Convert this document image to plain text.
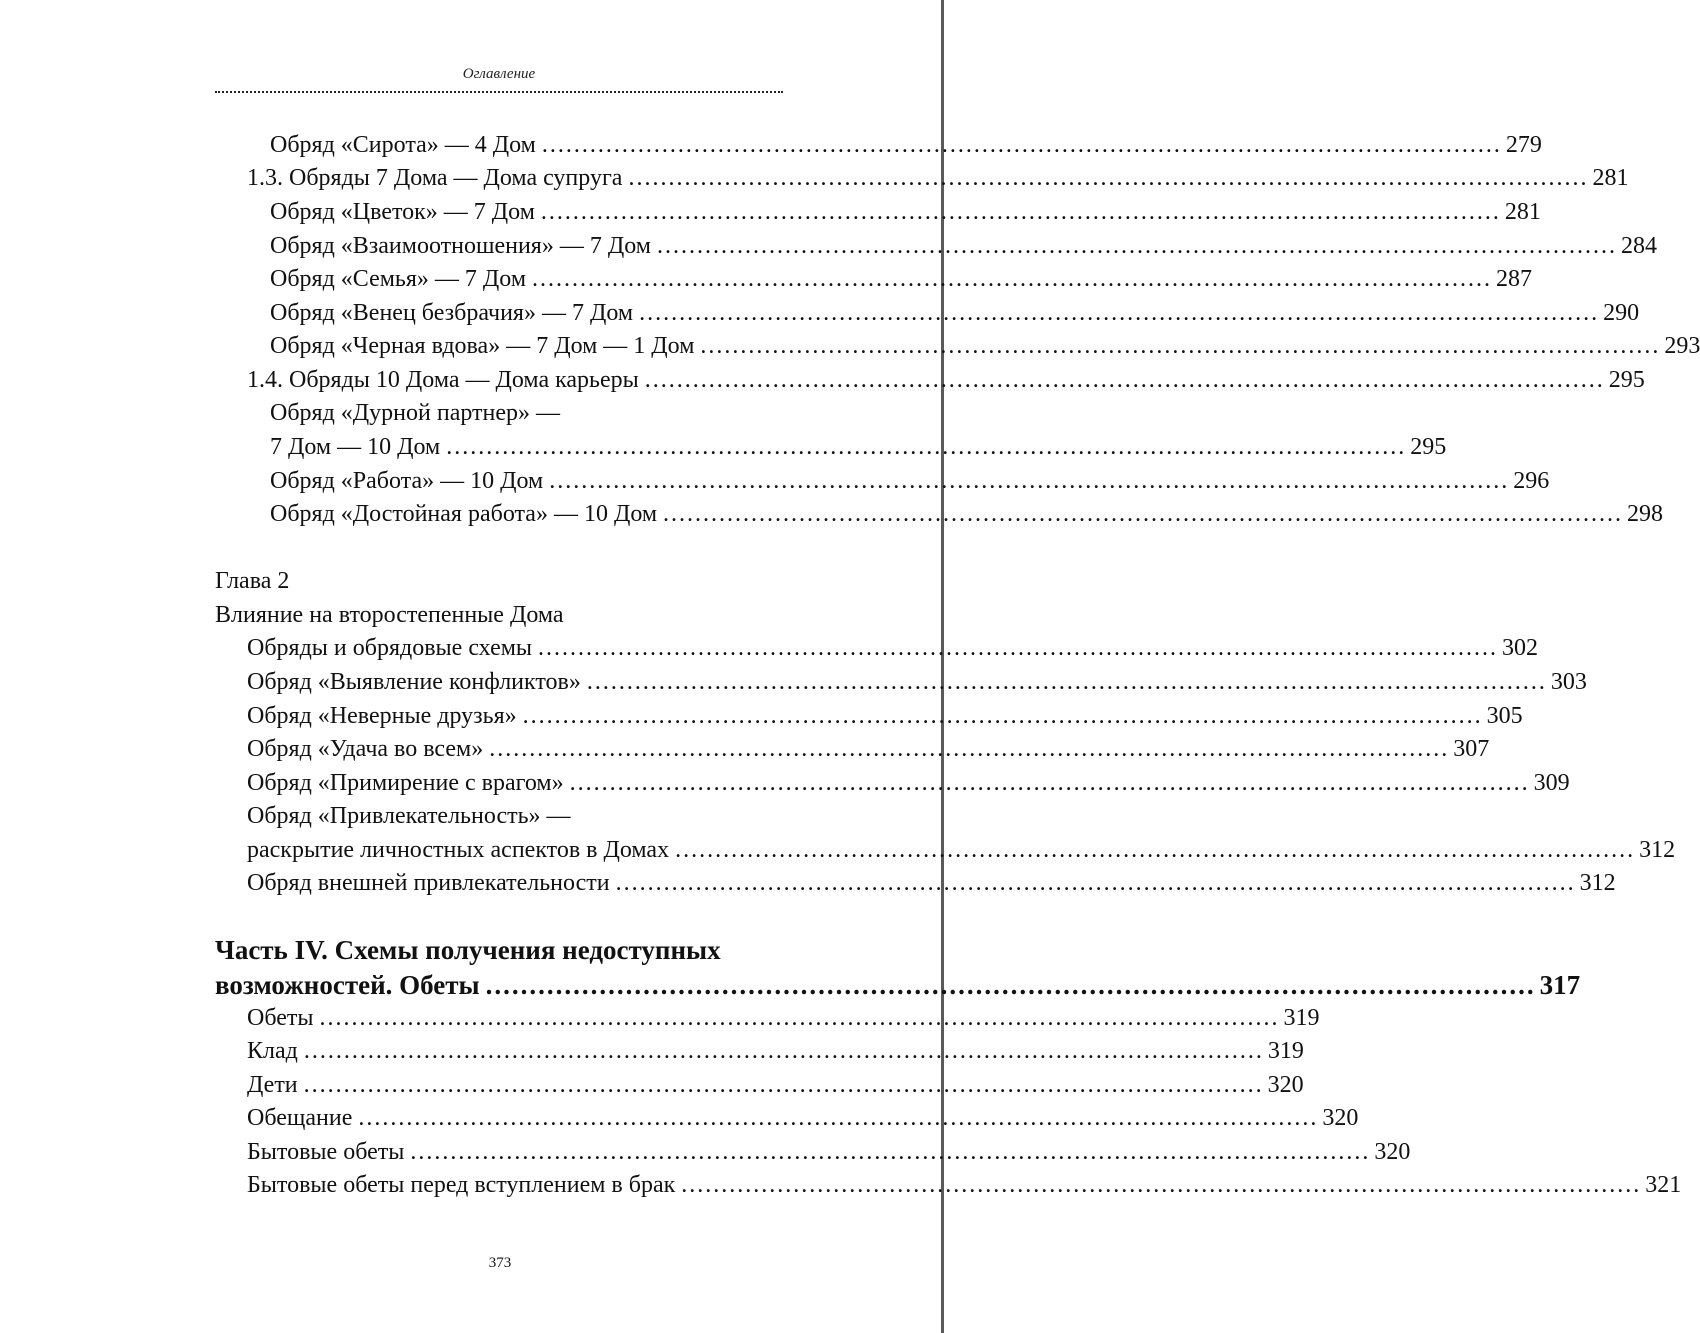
Оглавление
Обряд «Сирота» — 4 Дом ........................................................................................................................ 279
1.3. Обряды 7 Дома — Дома супруга ........................................................................................................................ 281
Обряд «Цветок» — 7 Дом ........................................................................................................................ 281
Обряд «Взаимоотношения» — 7 Дом ........................................................................................................................ 284
Обряд «Семья» — 7 Дом ........................................................................................................................ 287
Обряд «Венец безбрачия» — 7 Дом ........................................................................................................................ 290
Обряд «Черная вдова» — 7 Дом — 1 Дом ........................................................................................................................ 293
1.4. Обряды 10 Дома — Дома карьеры ........................................................................................................................ 295
Обряд «Дурной партнер» —
7 Дом — 10 Дом ........................................................................................................................ 295
Обряд «Работа» — 10 Дом ........................................................................................................................ 296
Обряд «Достойная работа» — 10 Дом ........................................................................................................................ 298
Глава 2
Влияние на второстепенные Дома
Обряды и обрядовые схемы ........................................................................................................................ 302
Обряд «Выявление конфликтов» ........................................................................................................................ 303
Обряд «Неверные друзья» ........................................................................................................................ 305
Обряд «Удача во всем» ........................................................................................................................ 307
Обряд «Примирение с врагом» ........................................................................................................................ 309
Обряд «Привлекательность» —
раскрытие личностных аспектов в Домах ........................................................................................................................ 312
Обряд внешней привлекательности ........................................................................................................................ 312
Часть IV. Схемы получения недоступных
возможностей. Обеты ........................................................................................................................ 317
Обеты ........................................................................................................................ 319
Клад ........................................................................................................................ 319
Дети ........................................................................................................................ 320
Обещание ........................................................................................................................ 320
Бытовые обеты ........................................................................................................................ 320
Бытовые обеты перед вступлением в брак ........................................................................................................................ 321
373
